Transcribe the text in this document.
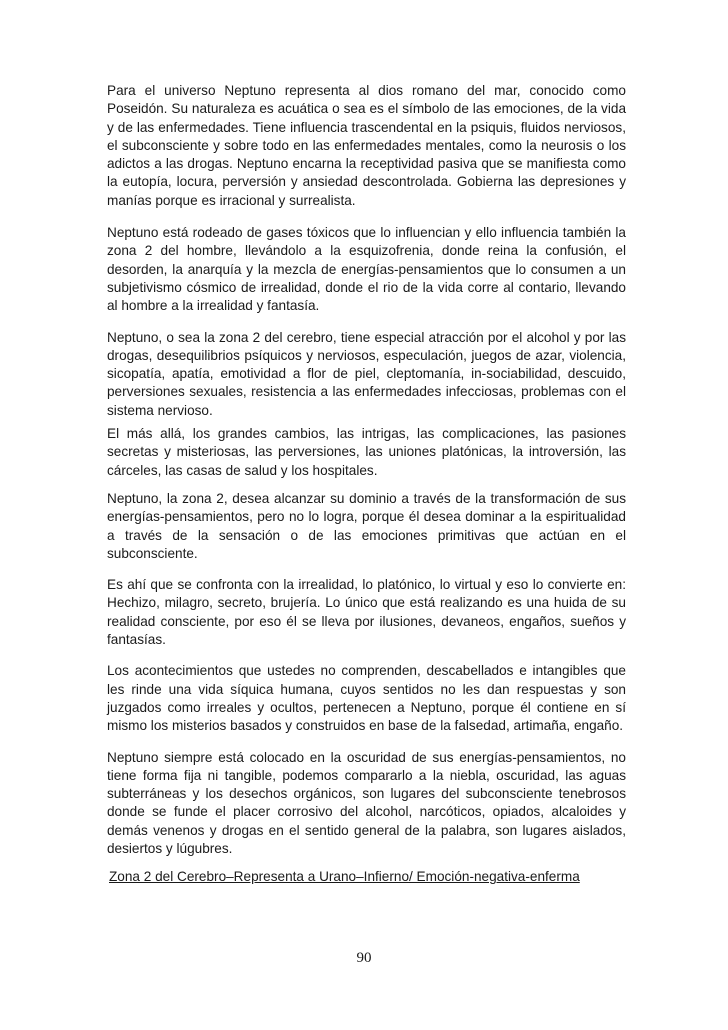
Para el universo Neptuno representa al dios romano del mar, conocido como Poseidón. Su naturaleza es acuática o sea es el símbolo de las emociones, de la vida y de las enfermedades. Tiene influencia trascendental en la psiquis, fluidos nerviosos, el subconsciente y sobre todo en las enfermedades mentales, como la neurosis o los adictos a las drogas. Neptuno encarna la receptividad pasiva que se manifiesta como la eutopía, locura, perversión y ansiedad descontrolada. Gobierna las depresiones y manías porque es irracional y surrealista.

Neptuno está rodeado de gases tóxicos que lo influencian y ello influencia también la zona 2 del hombre, llevándolo a la esquizofrenia, donde reina la confusión, el desorden, la anarquía y la mezcla de energías-pensamientos que lo consumen a un subjetivismo cósmico de irrealidad, donde el rio de la vida corre al contario, llevando al hombre a la irrealidad y fantasía.

Neptuno, o sea la zona 2 del cerebro, tiene especial atracción por el alcohol y por las drogas, desequilibrios psíquicos y nerviosos, especulación, juegos de azar, violencia, sicopatía, apatía, emotividad a flor de piel, cleptomanía, in-sociabilidad, descuido, perversiones sexuales, resistencia a las enfermedades infecciosas, problemas con el sistema nervioso.

El más allá, los grandes cambios, las intrigas, las complicaciones, las pasiones secretas y misteriosas, las perversiones, las uniones platónicas, la introversión, las cárceles, las casas de salud y los hospitales.

Neptuno, la zona 2, desea alcanzar su dominio a través de la transformación de sus energías-pensamientos, pero no lo logra, porque él desea dominar a la espiritualidad a través de la sensación o de las emociones primitivas que actúan en el subconsciente.

Es ahí que se confronta con la irrealidad, lo platónico, lo virtual y eso lo convierte en: Hechizo, milagro, secreto, brujería. Lo único que está realizando es una huida de su realidad consciente, por eso él se lleva por ilusiones, devaneos, engaños, sueños y fantasías.

Los acontecimientos que ustedes no comprenden, descabellados e intangibles que les rinde una vida síquica humana, cuyos sentidos no les dan respuestas y son juzgados como irreales y ocultos, pertenecen a Neptuno, porque él contiene en sí mismo los misterios basados y construidos en base de la falsedad, artimaña, engaño.

Neptuno siempre está colocado en la oscuridad de sus energías-pensamientos, no tiene forma fija ni tangible, podemos compararlo a la niebla, oscuridad, las aguas subterráneas y los desechos orgánicos, son lugares del subconsciente tenebrosos donde se funde el placer corrosivo del alcohol, narcóticos, opiados, alcaloides y demás venenos y drogas en el sentido general de la palabra, son lugares aislados, desiertos y lúgubres.

Zona 2 del Cerebro–Representa a Urano–Infierno/ Emoción-negativa-enferma
90
